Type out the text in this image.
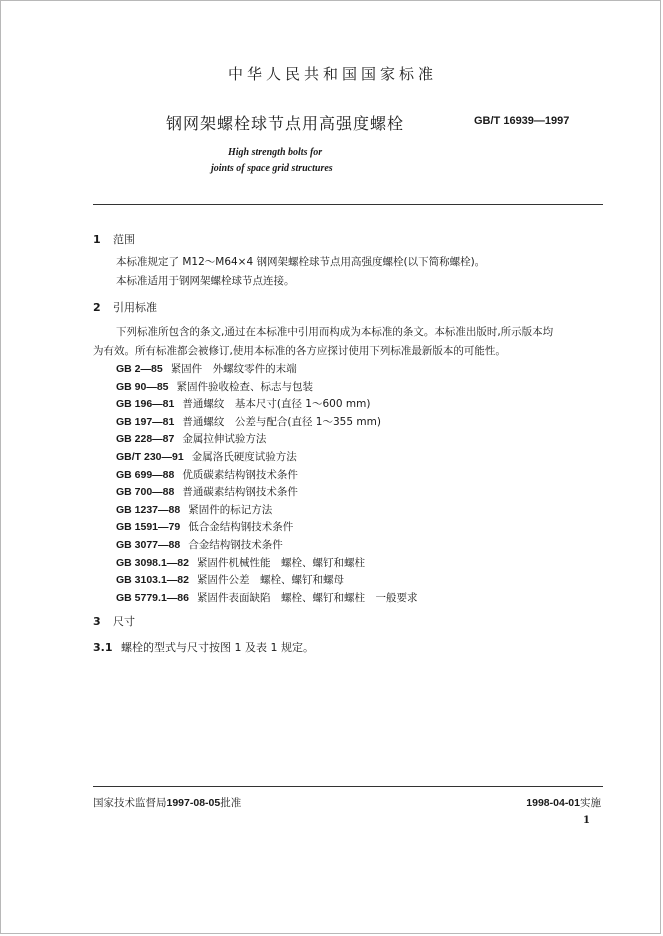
中华人民共和国国家标准
钢网架螺栓球节点用高强度螺栓	GB/T 16939—1997
High strength bolts for
joints of space grid structures
1 范围
本标准规定了 M12～M64×4 钢网架螺栓球节点用高强度螺栓(以下简称螺栓)。
本标准适用于钢网架螺栓球节点连接。
2 引用标准
下列标准所包含的条文,通过在本标准中引用而构成为本标准的条文。本标准出版时,所示版本均
为有效。所有标准都会被修订,使用本标准的各方应探讨使用下列标准最新版本的可能性。
GB 2—85 紧固件　外螺纹零件的末端
GB 90—85 紧固件验收检查、标志与包装
GB 196—81 普通螺纹　基本尺寸(直径 1～600 mm)
GB 197—81 普通螺纹　公差与配合(直径 1～355 mm)
GB 228—87 金属拉伸试验方法
GB/T 230—91 金属洛氏硬度试验方法
GB 699—88 优质碳素结构钢技术条件
GB 700—88 普通碳素结构钢技术条件
GB 1237—88 紧固件的标记方法
GB 1591—79 低合金结构钢技术条件
GB 3077—88 合金结构钢技术条件
GB 3098.1—82 紧固件机械性能　螺栓、螺钉和螺柱
GB 3103.1—82 紧固件公差　螺栓、螺钉和螺母
GB 5779.1—86 紧固件表面缺陷　螺栓、螺钉和螺柱　一般要求
3 尺寸
3.1 螺栓的型式与尺寸按图 1 及表 1 规定。
国家技术监督局1997-08-05批准	1998-04-01实施
1
